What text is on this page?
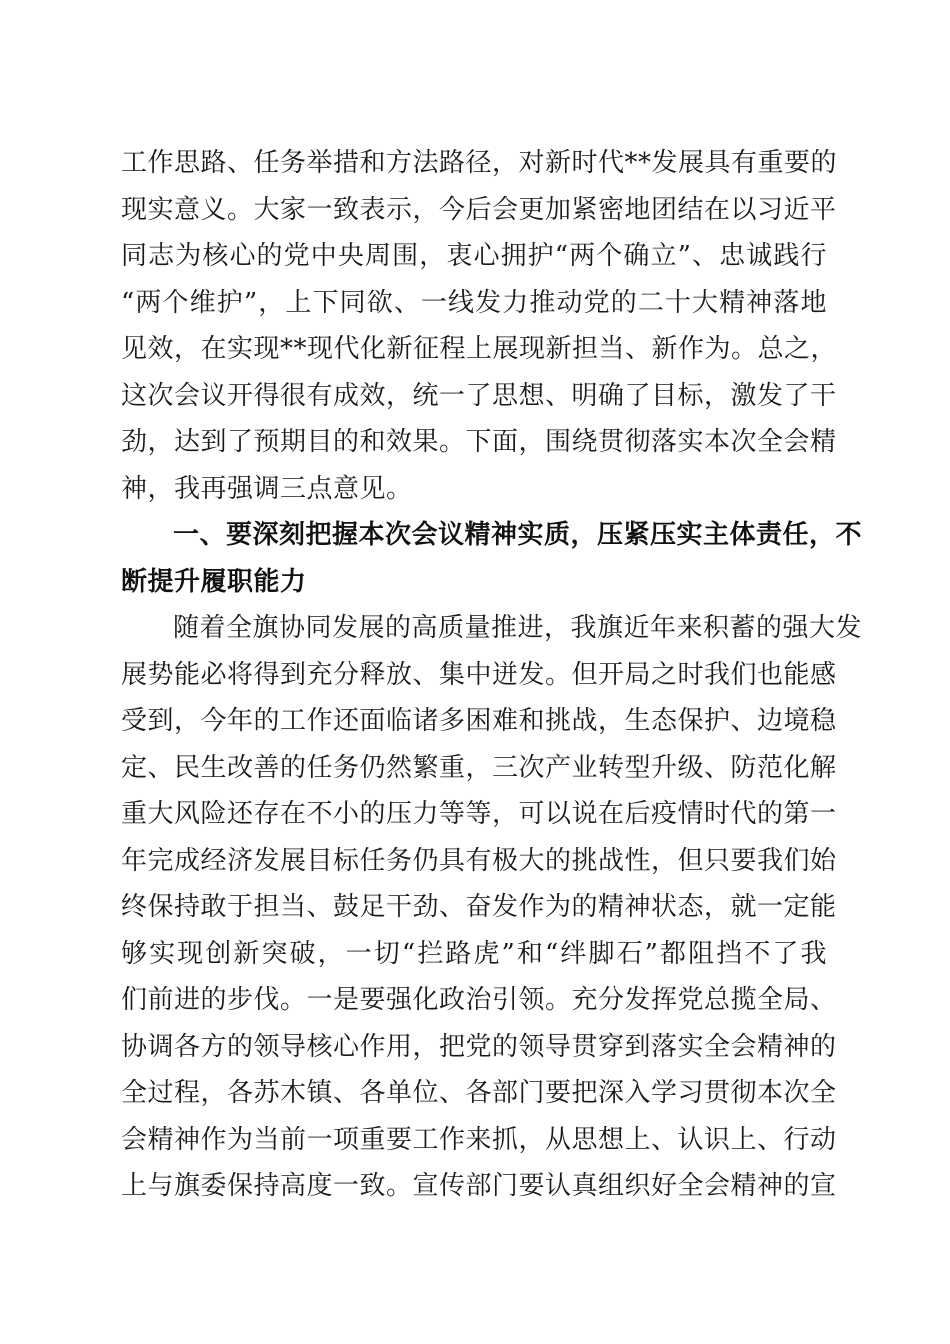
工作思路、任务举措和方法路径，对新时代**发展具有重要的
现实意义。大家一致表示，今后会更加紧密地团结在以习近平
同志为核心的党中央周围，衷心拥护“两个确立”、忠诚践行
“两个维护”，上下同欲、一线发力推动党的二十大精神落地
见效，在实现**现代化新征程上展现新担当、新作为。总之，
这次会议开得很有成效，统一了思想、明确了目标，激发了干
劲，达到了预期目的和效果。下面，围绕贯彻落实本次全会精
神，我再强调三点意见。
一、要深刻把握本次会议精神实质，压紧压实主体责任，不
断提升履职能力
随着全旗协同发展的高质量推进，我旗近年来积蓄的强大发
展势能必将得到充分释放、集中迸发。但开局之时我们也能感
受到，今年的工作还面临诸多困难和挑战，生态保护、边境稳
定、民生改善的任务仍然繁重，三次产业转型升级、防范化解
重大风险还存在不小的压力等等，可以说在后疫情时代的第一
年完成经济发展目标任务仍具有极大的挑战性，但只要我们始
终保持敢于担当、鼓足干劲、奋发作为的精神状态，就一定能
够实现创新突破，一切“拦路虎”和“绊脚石”都阻挡不了我
们前进的步伐。一是要强化政治引领。充分发挥党总揽全局、
协调各方的领导核心作用，把党的领导贯穿到落实全会精神的
全过程，各苏木镇、各单位、各部门要把深入学习贯彻本次全
会精神作为当前一项重要工作来抓，从思想上、认识上、行动
上与旗委保持高度一致。宣传部门要认真组织好全会精神的宣
